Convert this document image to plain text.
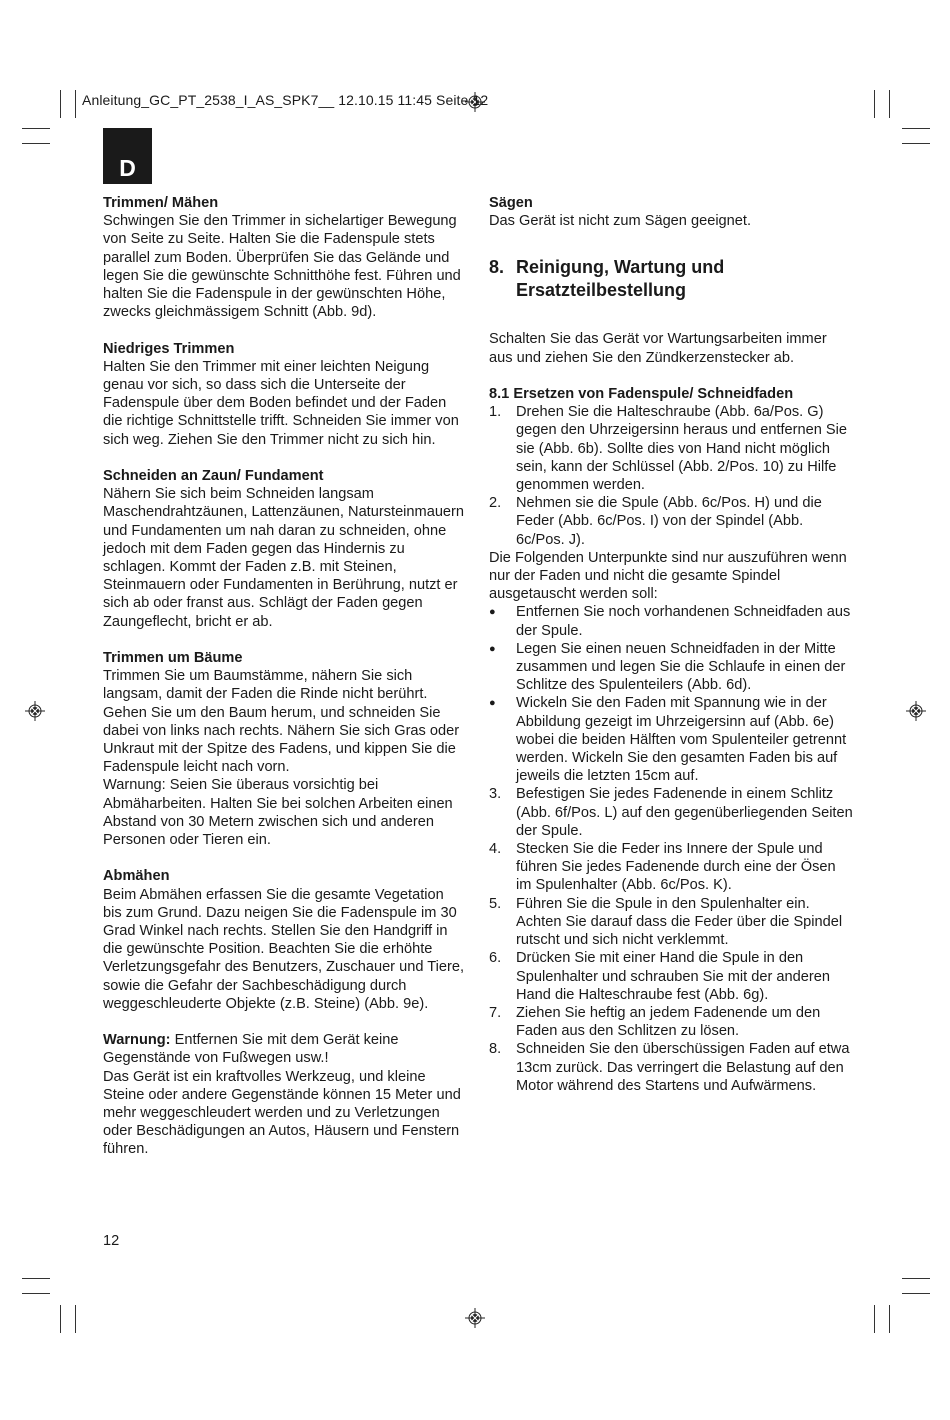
Anleitung_GC_PT_2538_I_AS_SPK7__ 12.10.15 11:45 Seite 12
D
Trimmen/ Mähen

Schwingen Sie den Trimmer in sichelartiger Bewegung von Seite zu Seite. Halten Sie die Fadenspule stets parallel zum Boden. Überprüfen Sie das Gelände und legen Sie die gewünschte Schnitthöhe fest. Führen und halten Sie die Fadenspule in der gewünschten Höhe, zwecks gleichmässigem Schnitt (Abb. 9d).

Niedriges Trimmen

Halten Sie den Trimmer mit einer leichten Neigung genau vor sich, so dass sich die Unterseite der Fadenspule über dem Boden befindet und der Faden die richtige Schnittstelle trifft. Schneiden Sie immer von sich weg. Ziehen Sie den Trimmer nicht zu sich hin.

Schneiden an Zaun/ Fundament

Nähern Sie sich beim Schneiden langsam Maschendrahtzäunen, Lattenzäunen, Natursteinmauern und Fundamenten um nah daran zu schneiden, ohne jedoch mit dem Faden gegen das Hindernis zu schlagen. Kommt der Faden z.B. mit Steinen, Steinmauern oder Fundamenten in Berührung, nutzt er sich ab oder franst aus. Schlägt der Faden gegen Zaungeflecht, bricht er ab.

Trimmen um Bäume

Trimmen Sie um Baumstämme, nähern Sie sich langsam, damit der Faden die Rinde nicht berührt. Gehen Sie um den Baum herum, und schneiden Sie dabei von links nach rechts. Nähern Sie sich Gras oder Unkraut mit der Spitze des Fadens, und kippen Sie die Fadenspule leicht nach vorn.

Warnung: Seien Sie überaus vorsichtig bei Abmäharbeiten. Halten Sie bei solchen Arbeiten einen Abstand von 30 Metern zwischen sich und anderen Personen oder Tieren ein.

Abmähen

Beim Abmähen erfassen Sie die gesamte Vegetation bis zum Grund. Dazu neigen Sie die Fadenspule im 30 Grad Winkel nach rechts. Stellen Sie den Handgriff in die gewünschte Position. Beachten Sie die erhöhte Verletzungsgefahr des Benutzers, Zuschauer und Tiere, sowie die Gefahr der Sachbeschädigung durch weggeschleuderte Objekte (z.B. Steine) (Abb. 9e).

Warnung: Entfernen Sie mit dem Gerät keine Gegenstände von Fußwegen usw.!

Das Gerät ist ein kraftvolles Werkzeug, und kleine Steine oder andere Gegenstände können 15 Meter und mehr weggeschleudert werden und zu Verletzungen oder Beschädigungen an Autos, Häusern und Fenstern führen.

Sägen

Das Gerät ist nicht zum Sägen geeignet.

8. Reinigung, Wartung und Ersatzteilbestellung

Schalten Sie das Gerät vor Wartungsarbeiten immer aus und ziehen Sie den Zündkerzenstecker ab.

8.1 Ersetzen von Fadenspule/ Schneidfaden
1.	Drehen Sie die Halteschraube (Abb. 6a/Pos. G) gegen den Uhrzeigersinn heraus und entfernen Sie sie (Abb. 6b). Sollte dies von Hand nicht möglich sein, kann der Schlüssel (Abb. 2/Pos. 10) zu Hilfe genommen werden.
2.	Nehmen sie die Spule (Abb. 6c/Pos. H) und die Feder (Abb. 6c/Pos. I) von der Spindel (Abb. 6c/Pos. J).

Die Folgenden Unterpunkte sind nur auszuführen wenn nur der Faden und nicht die gesamte Spindel ausgetauscht werden soll:

●	Entfernen Sie noch vorhandenen Schneidfaden aus der Spule.
●	Legen Sie einen neuen Schneidfaden in der Mitte zusammen und legen Sie die Schlaufe in einen der Schlitze des Spulenteilers (Abb. 6d).
●	Wickeln Sie den Faden mit Spannung wie in der Abbildung gezeigt im Uhrzeigersinn auf (Abb. 6e) wobei die beiden Hälften vom Spulenteiler getrennt werden. Wickeln Sie den gesamten Faden bis auf jeweils die letzten 15cm auf.
3.	Befestigen Sie jedes Fadenende in einem Schlitz (Abb. 6f/Pos. L) auf den gegenüberliegenden Seiten der Spule.
4.	Stecken Sie die Feder ins Innere der Spule und führen Sie jedes Fadenende durch eine der Ösen im Spulenhalter (Abb. 6c/Pos. K).
5.	Führen Sie die Spule in den Spulenhalter ein. Achten Sie darauf dass die Feder über die Spindel rutscht und sich nicht verklemmt.
6.	Drücken Sie mit einer Hand die Spule in den Spulenhalter und schrauben Sie mit der anderen Hand die Halteschraube fest (Abb. 6g).
7.	Ziehen Sie heftig an jedem Fadenende um den Faden aus den Schlitzen zu lösen.
8.	Schneiden Sie den überschüssigen Faden auf etwa 13cm zurück. Das verringert die Belastung auf den Motor während des Startens und Aufwärmens.
12
